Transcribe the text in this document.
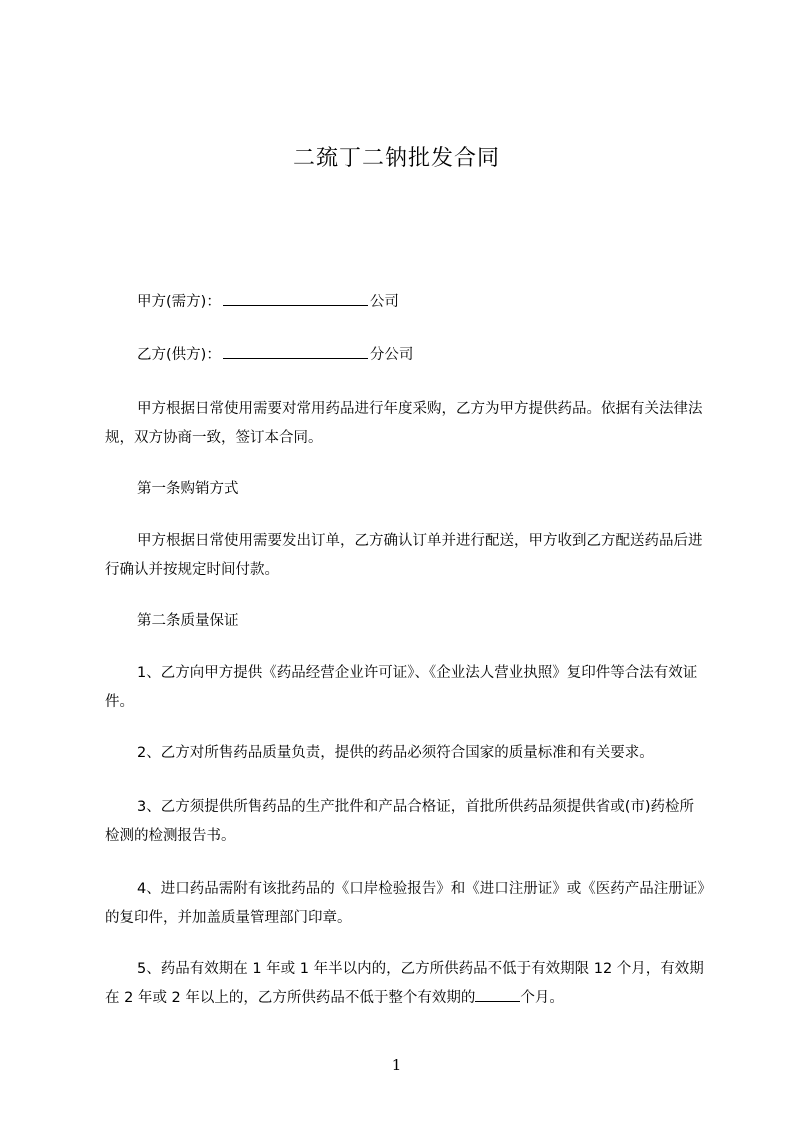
二巯丁二钠批发合同
甲方(需方)：	公司
乙方(供方)：	分公司
甲方根据日常使用需要对常用药品进行年度采购，乙方为甲方提供药品。依据有关法律法规，双方协商一致，签订本合同。
第一条购销方式
甲方根据日常使用需要发出订单，乙方确认订单并进行配送，甲方收到乙方配送药品后进行确认并按规定时间付款。
第二条质量保证
1、乙方向甲方提供《药品经营企业许可证》、《企业法人营业执照》复印件等合法有效证件。
2、乙方对所售药品质量负责，提供的药品必须符合国家的质量标准和有关要求。
3、乙方须提供所售药品的生产批件和产品合格证，首批所供药品须提供省或(市)药检所检测的检测报告书。
4、进口药品需附有该批药品的《口岸检验报告》和《进口注册证》或《医药产品注册证》的复印件，并加盖质量管理部门印章。
5、药品有效期在 1 年或 1 年半以内的，乙方所供药品不低于有效期限 12 个月，有效期在 2 年或 2 年以上的，乙方所供药品不低于整个有效期的	个月。
1
